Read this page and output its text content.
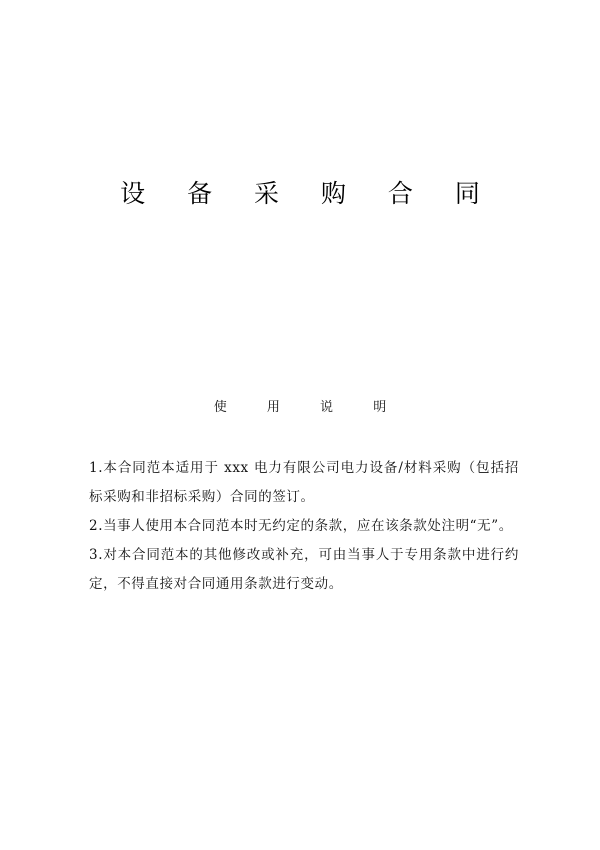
设 备 采 购 合 同
使 用 说 明

1.本合同范本适用于 xxx 电力有限公司电力设备/材料采购（包括招标采购和非招标采购）合同的签订。

2.当事人使用本合同范本时无约定的条款，应在该条款处注明“无”。

3.对本合同范本的其他修改或补充，可由当事人于专用条款中进行约定，不得直接对合同通用条款进行变动。
